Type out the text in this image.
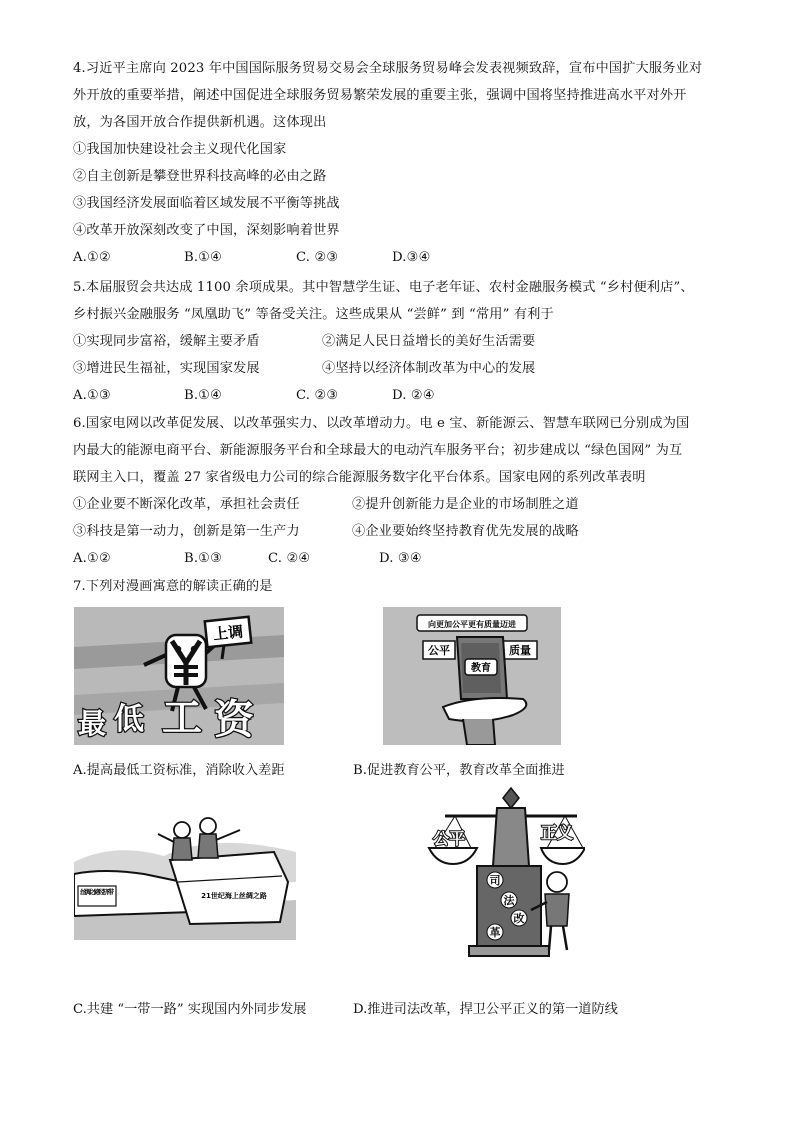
4.习近平主席向 2023 年中国国际服务贸易交易会全球服务贸易峰会发表视频致辞，宣布中国扩大服务业对
外开放的重要举措，阐述中国促进全球服务贸易繁荣发展的重要主张，强调中国将坚持推进高水平对外开
放，为各国开放合作提供新机遇。这体现出
①我国加快建设社会主义现代化国家
②自主创新是攀登世界科技高峰的必由之路
③我国经济发展面临着区域发展不平衡等挑战
④改革开放深刻改变了中国，深刻影响着世界
A.①②	B.①④	C. ②③	D.③④
5.本届服贸会共达成 1100 余项成果。其中智慧学生证、电子老年证、农村金融服务模式 “乡村便利店”、
乡村振兴金融服务 “凤凰助飞” 等备受关注。这些成果从 “尝鲜” 到 “常用” 有利于
①实现同步富裕，缓解主要矛盾	②满足人民日益增长的美好生活需要
③增进民生福祉，实现国家发展	④坚持以经济体制改革为中心的发展
A.①③	B.①④	C. ②③	D. ②④
6.国家电网以改革促发展、以改革强实力、以改革增动力。电 e 宝、新能源云、智慧车联网已分别成为国
内最大的能源电商平台、新能源服务平台和全球最大的电动汽车服务平台；初步建成以 “绿色国网” 为互
联网主入口，覆盖 27 家省级电力公司的综合能源服务数字化平台体系。国家电网的系列改革表明
①企业要不断深化改革，承担社会责任	②提升创新能力是企业的市场制胜之道
③科技是第一动力，创新是第一生产力	④企业要始终坚持教育优先发展的战略
A.①②	B.①③	C. ②④	D. ③④
7.下列对漫画寓意的解读正确的是
上调
最 低 工 资
向更加公平更有质量迈进
公平	质量
教育
A.提高最低工资标准，消除收入差距	B.促进教育公平，教育改革全面推进
丝绸之路经济带	21世纪海上丝绸之路
公平	正义
司
法
改
革
C.共建 “一带一路” 实现国内外同步发展	D.推进司法改革，捍卫公平正义的第一道防线
